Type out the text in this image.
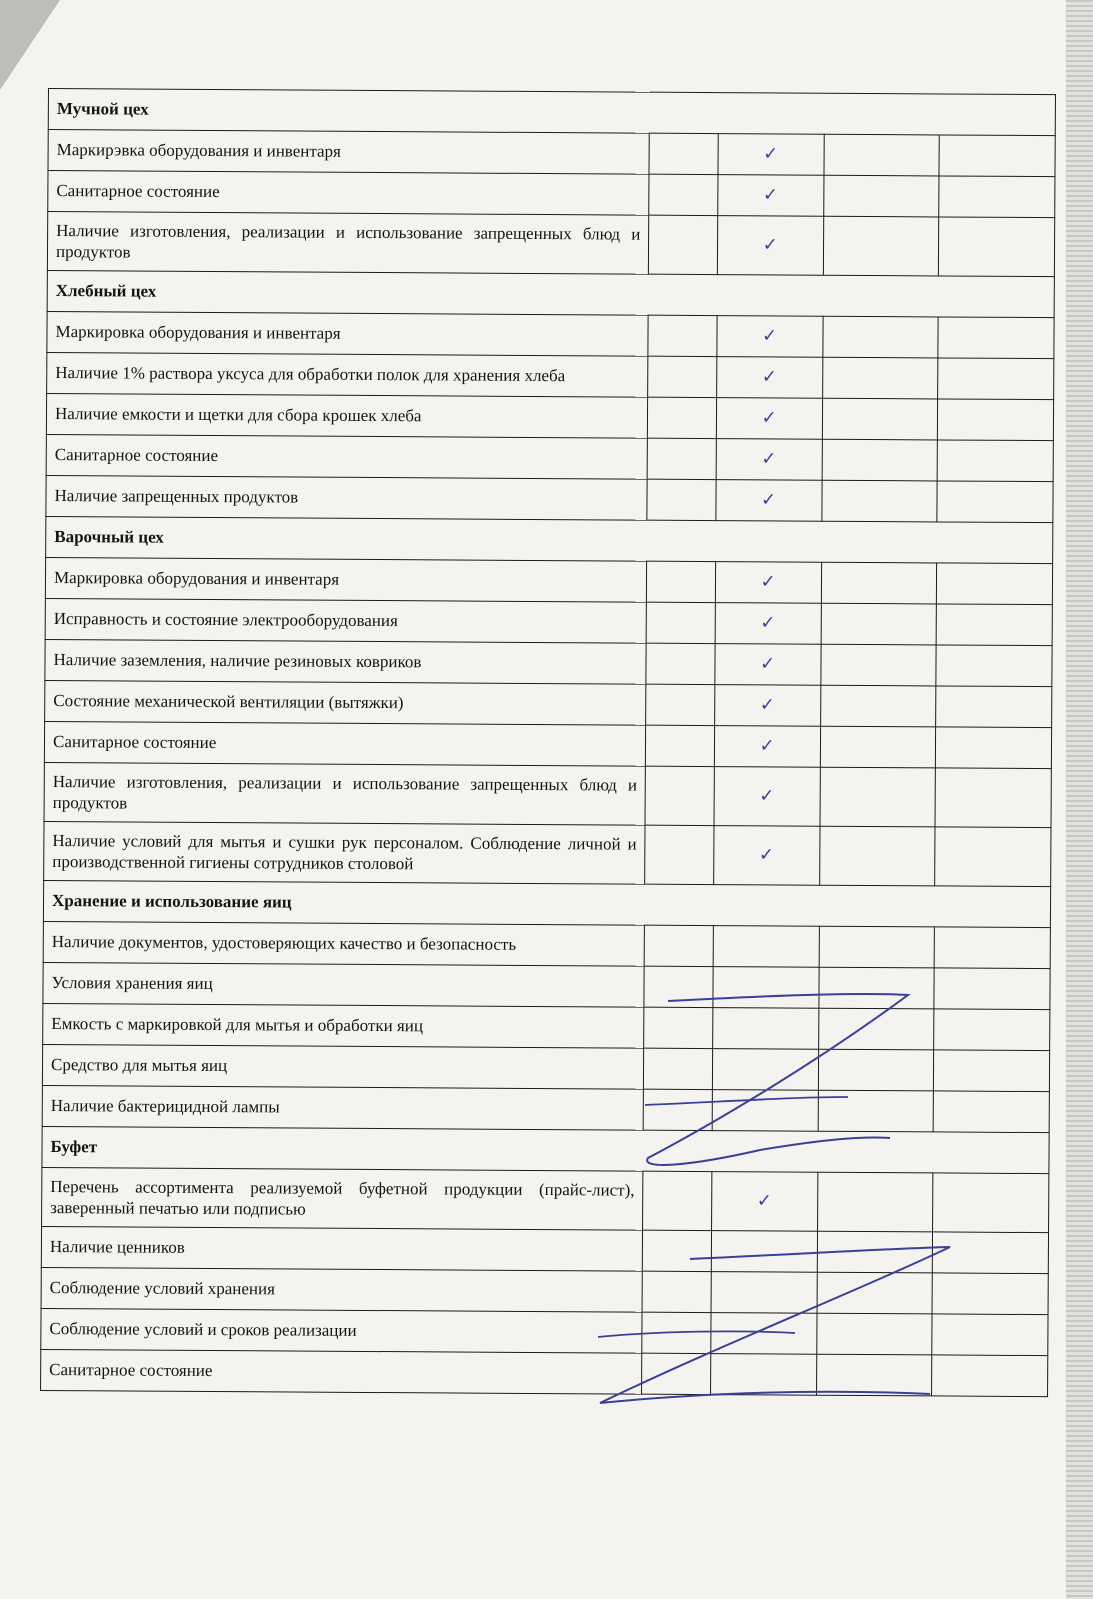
Мучной цех				
Маркирэвка оборудования и инвентаря		✓		
Санитарное состояние		✓		
Наличие изготовления, реализации и использование запрещенных блюд и продуктов		✓		
Хлебный цех				
Маркировка оборудования и инвентаря		✓		
Наличие 1% раствора уксуса для обработки полок для хранения хлеба		✓		
Наличие емкости и щетки для сбора крошек хлеба		✓		
Санитарное состояние		✓		
Наличие запрещенных продуктов		✓		
Варочный цех				
Маркировка оборудования и инвентаря		✓		
Исправность и состояние электрооборудования		✓		
Наличие заземления, наличие резиновых ковриков		✓		
Состояние механической вентиляции (вытяжки)		✓		
Санитарное состояние		✓		
Наличие изготовления, реализации и использование запрещенных блюд и продуктов		✓		
Наличие условий для мытья и сушки рук персоналом. Соблюдение личной и производственной гигиены сотрудников столовой		✓		
Хранение и использование яиц				
Наличие документов, удостоверяющих качество и безопасность				
Условия хранения яиц				
Емкость с маркировкой для мытья и обработки яиц				
Средство для мытья яиц				
Наличие бактерицидной лампы				
Буфет				
Перечень ассортимента реализуемой буфетной продукции (прайс-лист), заверенный печатью или подписью		✓		
Наличие ценников				
Соблюдение условий хранения				
Соблюдение условий и сроков реализации				
Санитарное состояние				
